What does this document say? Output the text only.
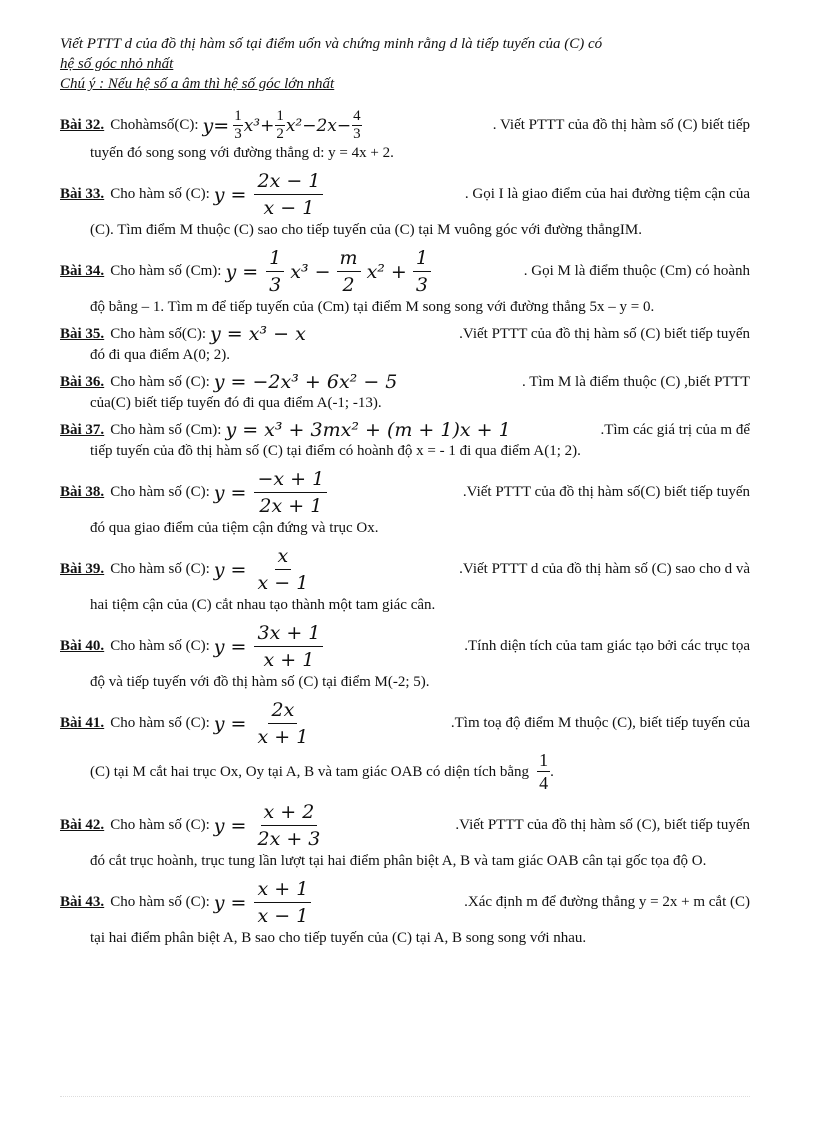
Viết PTTT d của đồ thị hàm số tại điểm uốn và chứng minh rằng d là tiếp tuyến của (C) có
hệ số góc nhỏ nhất
Chú ý : Nếu hệ số a âm thì hệ số góc lớn nhất
Bài 32. Chohàmsố(C): $y= \frac{1}{3} x^3+ \frac{1}{2} x^2-2x- \frac{4}{3}$	. Viết PTTT của đồ thị hàm số (C) biết tiếp
tuyến đó song song với đường thẳng d: y = 4x + 2.
Bài 33. Cho hàm số (C): $y = \frac{2x - 1}{x - 1}$	. Gọi I là giao điểm của hai đường tiệm cận của
(C). Tìm điểm M thuộc (C) sao cho tiếp tuyến của (C) tại M vuông góc với đường thẳngIM.
Bài 34. Cho hàm số (Cm): $y = \frac{1}{3} x^3 - \frac{m}{2} x^2 + \frac{1}{3}$	. Gọi M là điểm thuộc (Cm) có hoành
độ bằng – 1. Tìm m để tiếp tuyến của (Cm) tại điểm M song song với đường thẳng 5x – y = 0.
Bài 35. Cho hàm số(C): y = x³ − x	.Viết PTTT của đồ thị hàm số (C) biết tiếp tuyến
đó đi qua điểm A(0; 2).
Bài 36. Cho hàm số (C): y = −2x³ + 6x² − 5	. Tìm M là điểm thuộc (C) ,biết PTTT
của(C) biết tiếp tuyến đó đi qua điểm A(-1; -13).
Bài 37. Cho hàm số (Cm): y = x³ + 3mx² + (m + 1)x + 1	.Tìm các giá trị của m để
tiếp tuyến của đồ thị hàm số (C) tại điểm có hoành độ x = - 1 đi qua điểm A(1; 2).
Bài 38. Cho hàm số (C): $y = \frac{-x + 1}{2x + 1}$	.Viết PTTT của đồ thị hàm số(C) biết tiếp tuyến
đó qua giao điểm của tiệm cận đứng và trục Ox.
Bài 39. Cho hàm số (C): $y = \frac{x}{x - 1}$	.Viết PTTT d của đồ thị hàm số (C) sao cho d và
hai tiệm cận của (C) cắt nhau tạo thành một tam giác cân.
Bài 40. Cho hàm số (C): $y = \frac{3x + 1}{x + 1}$	.Tính diện tích của tam giác tạo bởi các trục tọa
độ và tiếp tuyến với đồ thị hàm số (C) tại điểm M(-2; 5).
Bài 41. Cho hàm số (C): $y = \frac{2x}{x + 1}$	.Tìm toạ độ điểm M thuộc (C), biết tiếp tuyến của
(C) tại M cắt hai trục Ox, Oy tại A, B và tam giác OAB có diện tích bằng $\frac{1}{4}$ .
Bài 42. Cho hàm số (C): $y = \frac{x + 2}{2x + 3}$	.Viết PTTT của đồ thị hàm số (C), biết tiếp tuyến
đó cắt trục hoành, trục tung lần lượt tại hai điểm phân biệt A, B và tam giác OAB cân tại gốc tọa độ O.
Bài 43. Cho hàm số (C): $y = \frac{x + 1}{x - 1}$	.Xác định m để đường thẳng y = 2x + m cắt (C)
tại hai điểm phân biệt A, B sao cho tiếp tuyến của (C) tại A, B song song với nhau.
